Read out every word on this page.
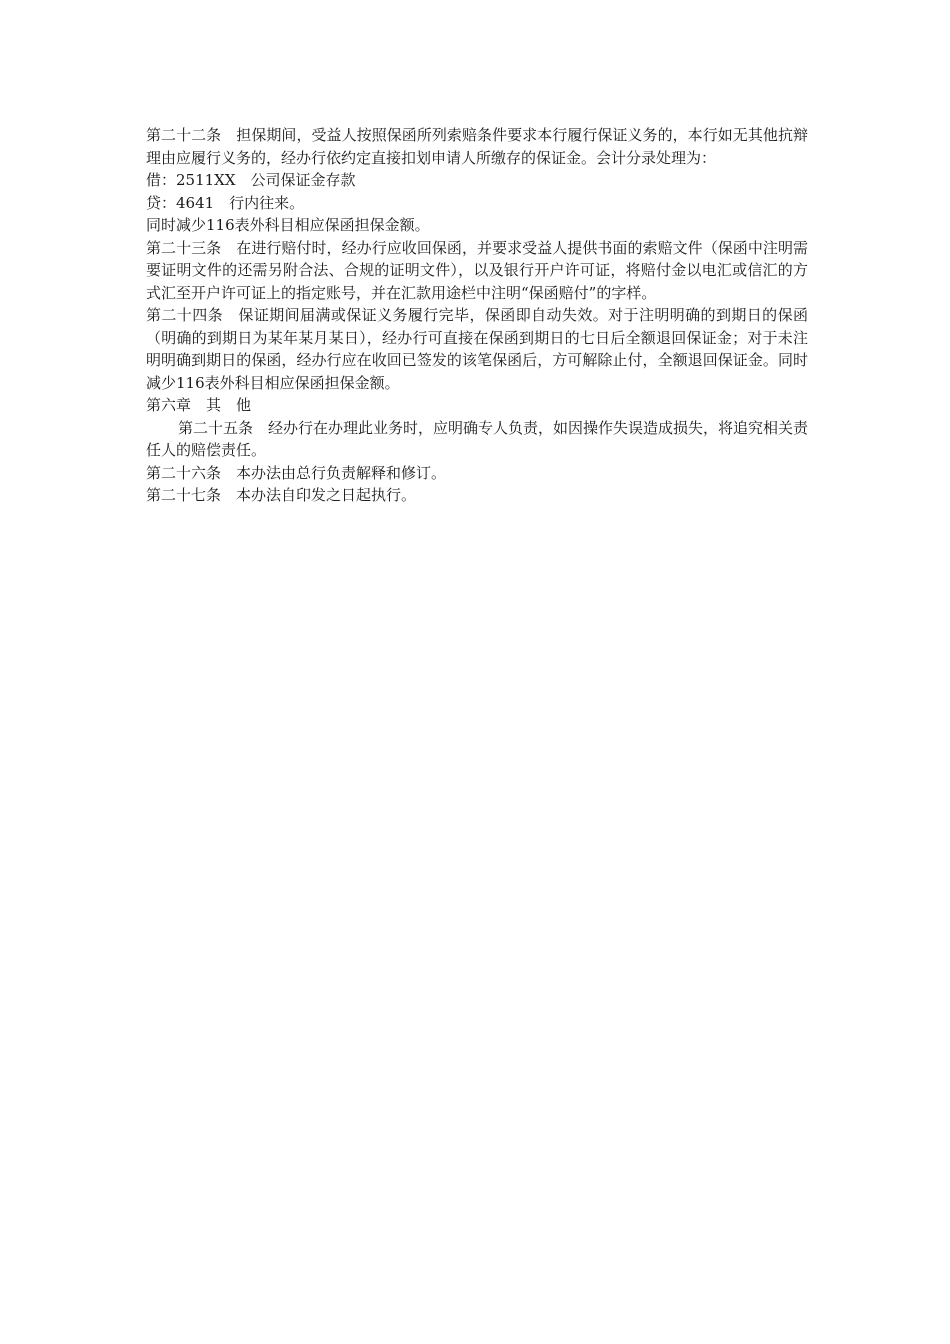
第二十二条　担保期间，受益人按照保函所列索赔条件要求本行履行保证义务的，本行如无其他抗辩理由应履行义务的，经办行依约定直接扣划申请人所缴存的保证金。会计分录处理为：

借：2511XX　公司保证金存款

贷：4641　行内往来。

同时减少116表外科目相应保函担保金额。

第二十三条　在进行赔付时，经办行应收回保函，并要求受益人提供书面的索赔文件（保函中注明需要证明文件的还需另附合法、合规的证明文件），以及银行开户许可证，将赔付金以电汇或信汇的方式汇至开户许可证上的指定账号，并在汇款用途栏中注明“保函赔付”的字样。

第二十四条　保证期间届满或保证义务履行完毕，保函即自动失效。对于注明明确的到期日的保函（明确的到期日为某年某月某日），经办行可直接在保函到期日的七日后全额退回保证金；对于未注明明确到期日的保函，经办行应在收回已签发的该笔保函后，方可解除止付，全额退回保证金。同时减少116表外科目相应保函担保金额。

第六章　其　他

第二十五条　经办行在办理此业务时，应明确专人负责，如因操作失误造成损失，将追究相关责任人的赔偿责任。

第二十六条　本办法由总行负责解释和修订。

第二十七条　本办法自印发之日起执行。
